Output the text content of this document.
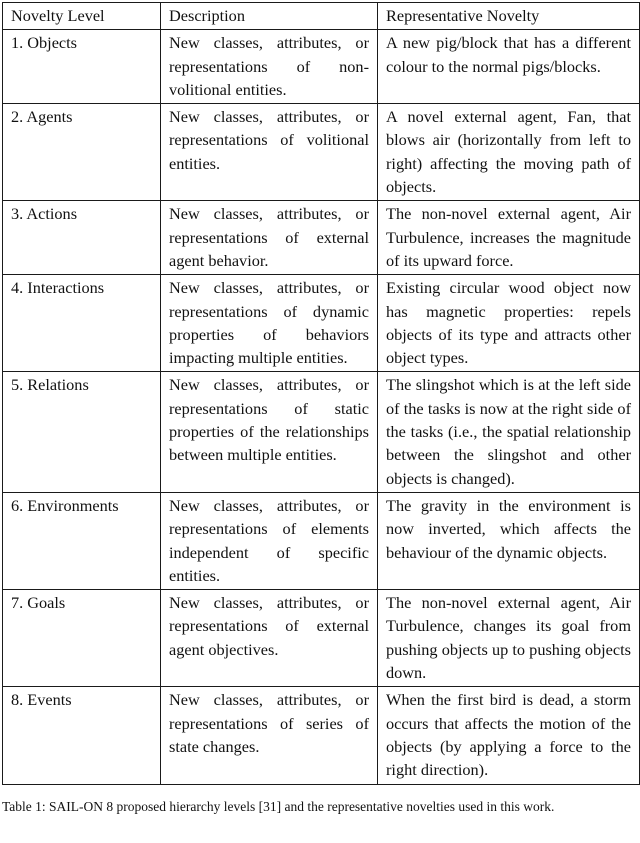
Novelty Level	Description	Representative Novelty
1. Objects	New classes, attributes, or representations of non-volitional entities.	A new pig/block that has a different colour to the normal pigs/blocks.
2. Agents	New classes, attributes, or representations of volitional entities.	A novel external agent, Fan, that blows air (horizontally from left to right) affecting the moving path of objects.
3. Actions	New classes, attributes, or representations of external agent behavior.	The non-novel external agent, Air Turbulence, increases the magnitude of its upward force.
4. Interactions	New classes, attributes, or representations of dynamic properties of behaviors impacting multiple entities.	Existing circular wood object now has magnetic properties: repels objects of its type and attracts other object types.
5. Relations	New classes, attributes, or representations of static properties of the relationships between multiple entities.	The slingshot which is at the left side of the tasks is now at the right side of the tasks (i.e., the spatial relationship between the slingshot and other objects is changed).
6. Environments	New classes, attributes, or representations of elements independent of specific entities.	The gravity in the environment is now inverted, which affects the behaviour of the dynamic objects.
7. Goals	New classes, attributes, or representations of external agent objectives.	The non-novel external agent, Air Turbulence, changes its goal from pushing objects up to pushing objects down.
8. Events	New classes, attributes, or representations of series of state changes.	When the first bird is dead, a storm occurs that affects the motion of the objects (by applying a force to the right direction).
Table 1: SAIL-ON 8 proposed hierarchy levels [31] and the representative novelties used in this work.
